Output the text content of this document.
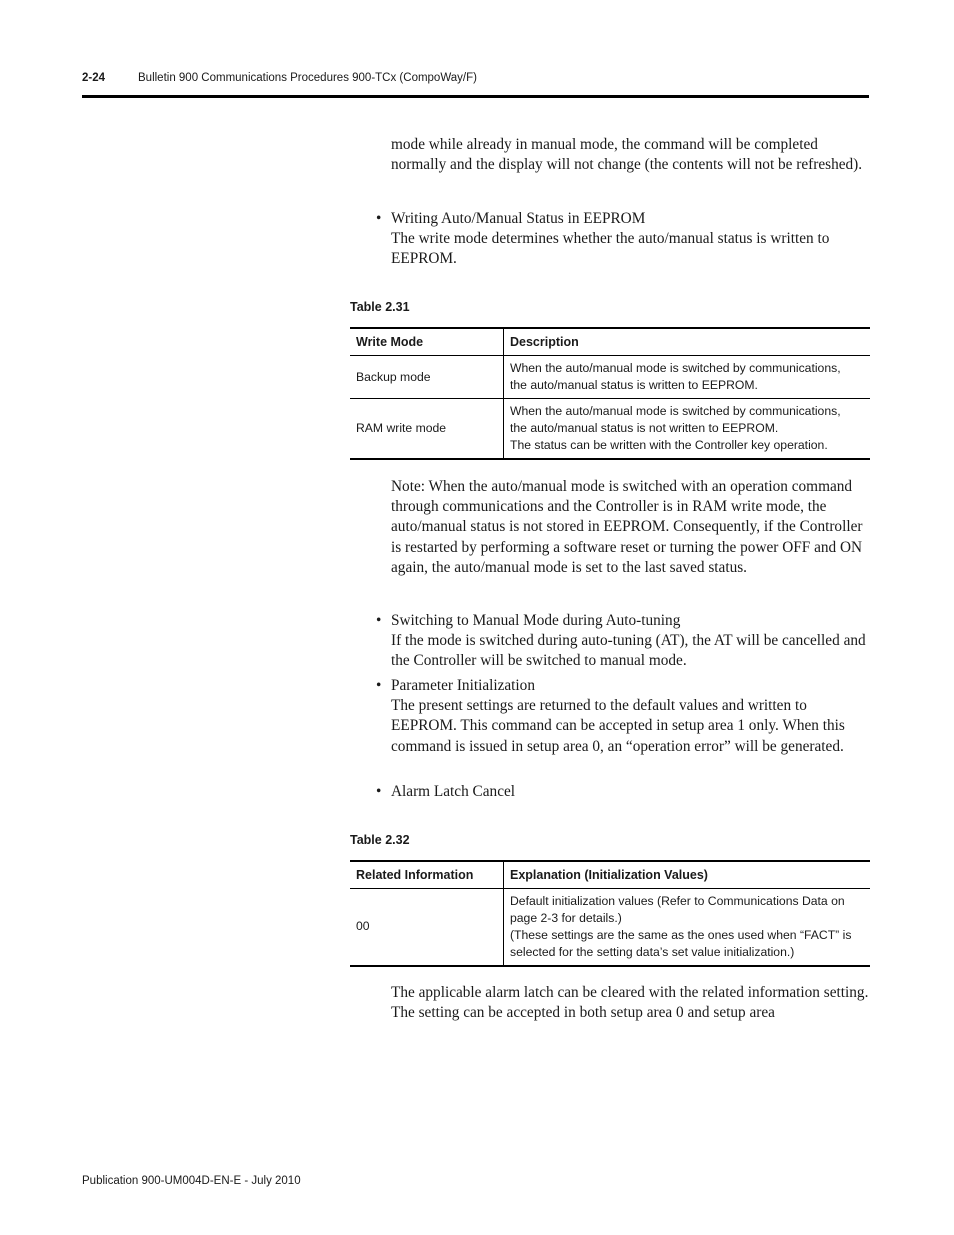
2-24	Bulletin 900 Communications Procedures 900-TCx (CompoWay/F)

mode while already in manual mode, the command will be completed normally and the display will not change (the contents will not be refreshed).

• Writing Auto/Manual Status in EEPROM
The write mode determines whether the auto/manual status is written to EEPROM.
Table 2.31
Write Mode	Description
Backup mode	When the auto/manual mode is switched by communications,
the auto/manual status is written to EEPROM.

RAM write mode	When the auto/manual mode is switched by communications,
the auto/manual status is not written to EEPROM.
The status can be written with the Controller key operation.

Note: When the auto/manual mode is switched with an operation command through communications and the Controller is in RAM write mode, the auto/manual status is not stored in EEPROM. Consequently, if the Controller is restarted by performing a software reset or turning the power OFF and ON again, the auto/manual mode is set to the last saved status.

• Switching to Manual Mode during Auto-tuning
If the mode is switched during auto-tuning (AT), the AT will be cancelled and the Controller will be switched to manual mode.
• Parameter Initialization
The present settings are returned to the default values and written to EEPROM. This command can be accepted in setup area 1 only. When this command is issued in setup area 0, an “operation error” will be generated.
• Alarm Latch Cancel
Table 2.32
Related Information	Explanation (Initialization Values)
00	Default initialization values (Refer to Communications Data on
page 2-3 for details.)
(These settings are the same as the ones used when “FACT” is
selected for the setting data’s set value initialization.)

The applicable alarm latch can be cleared with the related information setting. The setting can be accepted in both setup area 0 and setup area

Publication 900-UM004D-EN-E - July 2010
